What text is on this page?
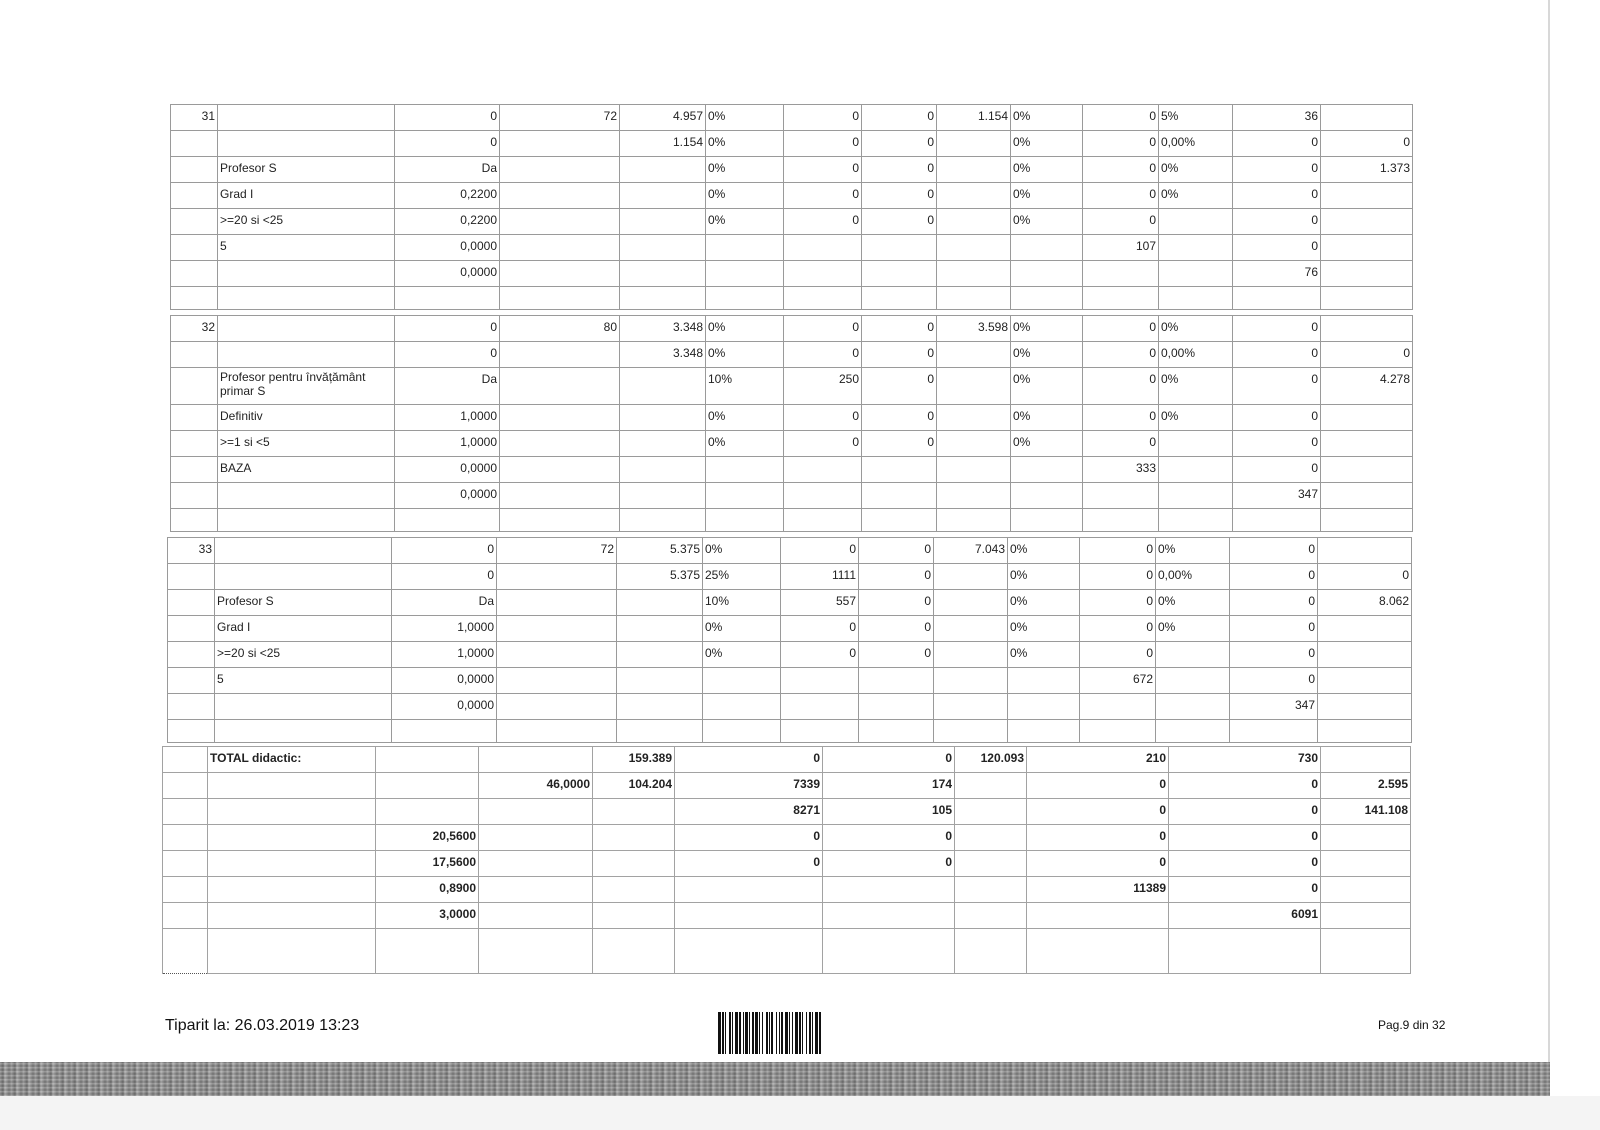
31		0	72	4.957	0%	0	0	1.154	0%	0	5%	36	
		0		1.154	0%	0	0		0%	0	0,00%	0	0
	Profesor S	Da			0%	0	0		0%	0	0%	0	1.373
	Grad I	0,2200			0%	0	0		0%	0	0%	0	
	>=20 si <25	0,2200			0%	0	0		0%	0		0	
	5	0,0000								107		0	
		0,0000										76	

32		0	80	3.348	0%	0	0	3.598	0%	0	0%	0	
		0		3.348	0%	0	0		0%	0	0,00%	0	0
	Profesor pentru învățământ primar S	Da			10%	250	0		0%	0	0%	0	4.278
	Definitiv	1,0000			0%	0	0		0%	0	0%	0	
	>=1 si <5	1,0000			0%	0	0		0%	0		0	
	BAZA	0,0000								333		0	
		0,0000										347	

33		0	72	5.375	0%	0	0	7.043	0%	0	0%	0	
		0		5.375	25%	1111	0		0%	0	0,00%	0	0
	Profesor S	Da			10%	557	0		0%	0	0%	0	8.062
	Grad I	1,0000			0%	0	0		0%	0	0%	0	
	>=20 si <25	1,0000			0%	0	0		0%	0		0	
	5	0,0000								672		0	
		0,0000										347	

	TOTAL didactic:			159.389	0	0	120.093	210	730	
			46,0000	104.204	7339	174		0	0	2.595
					8271	105		0	0	141.108
		20,5600			0	0		0	0	
		17,5600			0	0		0	0	
		0,8900						11389	0	
		3,0000							6091	

Tiparit la: 26.03.2019 13:23	Pag.9 din 32
